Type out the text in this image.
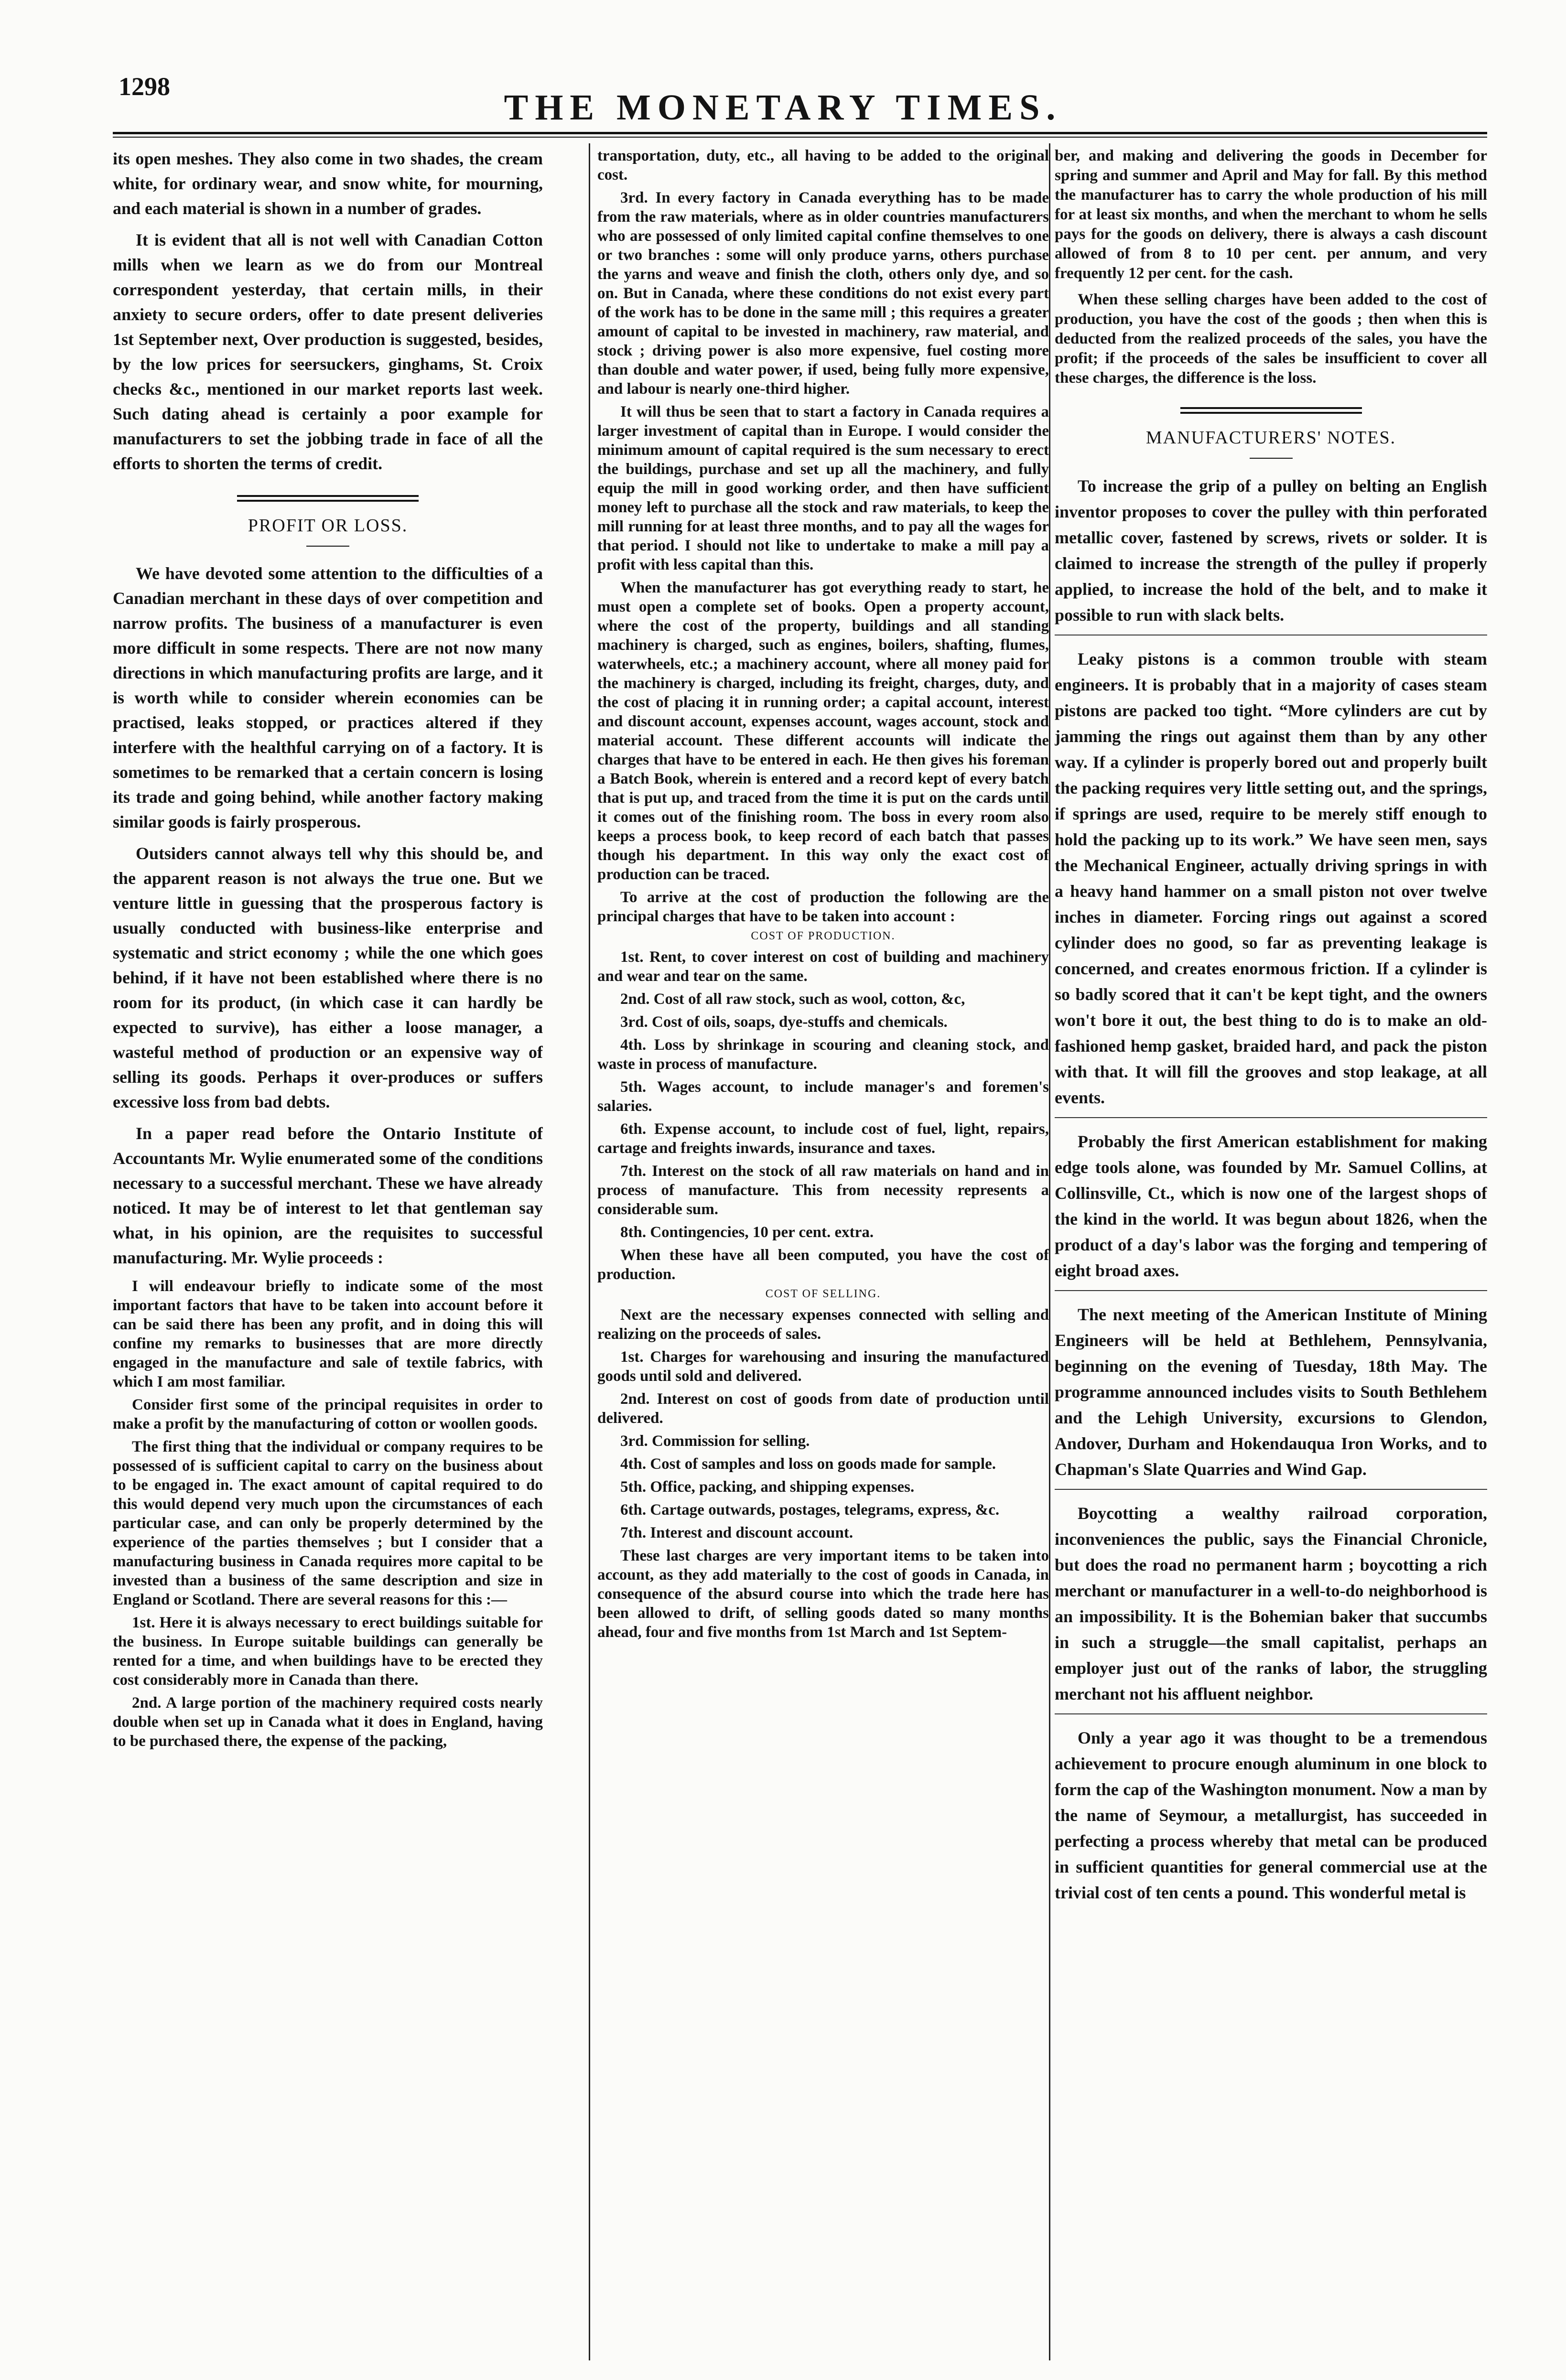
1298
THE MONETARY TIMES.

its open meshes. They also come in two shades, the cream white, for ordinary wear, and snow white, for mourning, and each material is shown in a number of grades.

It is evident that all is not well with Canadian Cotton mills when we learn as we do from our Montreal correspondent yesterday, that certain mills, in their anxiety to secure orders, offer to date present deliveries 1st September next, Over production is suggested, besides, by the low prices for seersuckers, ginghams, St. Croix checks &c., mentioned in our market reports last week. Such dating ahead is certainly a poor example for manufacturers to set the jobbing trade in face of all the efforts to shorten the terms of credit.

PROFIT OR LOSS.

We have devoted some attention to the difficulties of a Canadian merchant in these days of over competition and narrow profits. The business of a manufacturer is even more difficult in some respects. There are not now many directions in which manufacturing profits are large, and it is worth while to consider wherein economies can be practised, leaks stopped, or practices altered if they interfere with the healthful carrying on of a factory. It is sometimes to be remarked that a certain concern is losing its trade and going behind, while another factory making similar goods is fairly prosperous.

Outsiders cannot always tell why this should be, and the apparent reason is not always the true one. But we venture little in guessing that the prosperous factory is usually conducted with business-like enterprise and systematic and strict economy ; while the one which goes behind, if it have not been established where there is no room for its product, (in which case it can hardly be expected to survive), has either a loose manager, a wasteful method of production or an expensive way of selling its goods. Perhaps it over-produces or suffers excessive loss from bad debts.

In a paper read before the Ontario Institute of Accountants Mr. Wylie enumerated some of the conditions necessary to a successful merchant. These we have already noticed. It may be of interest to let that gentleman say what, in his opinion, are the requisites to successful manufacturing. Mr. Wylie proceeds :

I will endeavour briefly to indicate some of the most important factors that have to be taken into account before it can be said there has been any profit, and in doing this will confine my remarks to businesses that are more directly engaged in the manufacture and sale of textile fabrics, with which I am most familiar.

Consider first some of the principal requisites in order to make a profit by the manufacturing of cotton or woollen goods.

The first thing that the individual or company requires to be possessed of is sufficient capital to carry on the business about to be engaged in. The exact amount of capital required to do this would depend very much upon the circumstances of each particular case, and can only be properly determined by the experience of the parties themselves ; but I consider that a manufacturing business in Canada requires more capital to be invested than a business of the same description and size in England or Scotland. There are several reasons for this :—

1st. Here it is always necessary to erect buildings suitable for the business. In Europe suitable buildings can generally be rented for a time, and when buildings have to be erected they cost considerably more in Canada than there.

2nd. A large portion of the machinery required costs nearly double when set up in Canada what it does in England, having to be purchased there, the expense of the packing,

transportation, duty, etc., all having to be added to the original cost.

3rd. In every factory in Canada everything has to be made from the raw materials, where as in older countries manufacturers who are possessed of only limited capital confine themselves to one or two branches : some will only produce yarns, others purchase the yarns and weave and finish the cloth, others only dye, and so on. But in Canada, where these conditions do not exist every part of the work has to be done in the same mill ; this requires a greater amount of capital to be invested in machinery, raw material, and stock ; driving power is also more expensive, fuel costing more than double and water power, if used, being fully more expensive, and labour is nearly one-third higher.

It will thus be seen that to start a factory in Canada requires a larger investment of capital than in Europe. I would consider the minimum amount of capital required is the sum necessary to erect the buildings, purchase and set up all the machinery, and fully equip the mill in good working order, and then have sufficient money left to purchase all the stock and raw materials, to keep the mill running for at least three months, and to pay all the wages for that period. I should not like to undertake to make a mill pay a profit with less capital than this.

When the manufacturer has got everything ready to start, he must open a complete set of books. Open a property account, where the cost of the property, buildings and all standing machinery is charged, such as engines, boilers, shafting, flumes, waterwheels, etc.; a machinery account, where all money paid for the machinery is charged, including its freight, charges, duty, and the cost of placing it in running order; a capital account, interest and discount account, expenses account, wages account, stock and material account. These different accounts will indicate the charges that have to be entered in each. He then gives his foreman a Batch Book, wherein is entered and a record kept of every batch that is put up, and traced from the time it is put on the cards until it comes out of the finishing room. The boss in every room also keeps a process book, to keep record of each batch that passes though his department. In this way only the exact cost of production can be traced.

To arrive at the cost of production the following are the principal charges that have to be taken into account :

COST OF PRODUCTION.

1st. Rent, to cover interest on cost of building and machinery and wear and tear on the same.

2nd. Cost of all raw stock, such as wool, cotton, &c,

3rd. Cost of oils, soaps, dye-stuffs and chemicals.

4th. Loss by shrinkage in scouring and cleaning stock, and waste in process of manufacture.

5th. Wages account, to include manager's and foremen's salaries.

6th. Expense account, to include cost of fuel, light, repairs, cartage and freights inwards, insurance and taxes.

7th. Interest on the stock of all raw materials on hand and in process of manufacture. This from necessity represents a considerable sum.

8th. Contingencies, 10 per cent. extra.

When these have all been computed, you have the cost of production.

COST OF SELLING.

Next are the necessary expenses connected with selling and realizing on the proceeds of sales.

1st. Charges for warehousing and insuring the manufactured goods until sold and delivered.

2nd. Interest on cost of goods from date of production until delivered.

3rd. Commission for selling.

4th. Cost of samples and loss on goods made for sample.

5th. Office, packing, and shipping expenses.

6th. Cartage outwards, postages, telegrams, express, &c.

7th. Interest and discount account.

These last charges are very important items to be taken into account, as they add materially to the cost of goods in Canada, in consequence of the absurd course into which the trade here has been allowed to drift, of selling goods dated so many months ahead, four and five months from 1st March and 1st Septem-

ber, and making and delivering the goods in December for spring and summer and April and May for fall. By this method the manufacturer has to carry the whole production of his mill for at least six months, and when the merchant to whom he sells pays for the goods on delivery, there is always a cash discount allowed of from 8 to 10 per cent. per annum, and very frequently 12 per cent. for the cash.

When these selling charges have been added to the cost of production, you have the cost of the goods ; then when this is deducted from the realized proceeds of the sales, you have the profit; if the proceeds of the sales be insufficient to cover all these charges, the difference is the loss.

MANUFACTURERS' NOTES.

To increase the grip of a pulley on belting an English inventor proposes to cover the pulley with thin perforated metallic cover, fastened by screws, rivets or solder. It is claimed to increase the strength of the pulley if properly applied, to increase the hold of the belt, and to make it possible to run with slack belts.

Leaky pistons is a common trouble with steam engineers. It is probably that in a majority of cases steam pistons are packed too tight. “More cylinders are cut by jamming the rings out against them than by any other way. If a cylinder is properly bored out and properly built the packing requires very little setting out, and the springs, if springs are used, require to be merely stiff enough to hold the packing up to its work.” We have seen men, says the Mechanical Engineer, actually driving springs in with a heavy hand hammer on a small piston not over twelve inches in diameter. Forcing rings out against a scored cylinder does no good, so far as preventing leakage is concerned, and creates enormous friction. If a cylinder is so badly scored that it can't be kept tight, and the owners won't bore it out, the best thing to do is to make an old-fashioned hemp gasket, braided hard, and pack the piston with that. It will fill the grooves and stop leakage, at all events.

Probably the first American establishment for making edge tools alone, was founded by Mr. Samuel Collins, at Collinsville, Ct., which is now one of the largest shops of the kind in the world. It was begun about 1826, when the product of a day's labor was the forging and tempering of eight broad axes.

The next meeting of the American Institute of Mining Engineers will be held at Bethlehem, Pennsylvania, beginning on the evening of Tuesday, 18th May. The programme announced includes visits to South Bethlehem and the Lehigh University, excursions to Glendon, Andover, Durham and Hokendauqua Iron Works, and to Chapman's Slate Quarries and Wind Gap.

Boycotting a wealthy railroad corporation, inconveniences the public, says the Financial Chronicle, but does the road no permanent harm ; boycotting a rich merchant or manufacturer in a well-to-do neighborhood is an impossibility. It is the Bohemian baker that succumbs in such a struggle—the small capitalist, perhaps an employer just out of the ranks of labor, the struggling merchant not his affluent neighbor.

Only a year ago it was thought to be a tremendous achievement to procure enough aluminum in one block to form the cap of the Washington monument. Now a man by the name of Seymour, a metallurgist, has succeeded in perfecting a process whereby that metal can be produced in sufficient quantities for general commercial use at the trivial cost of ten cents a pound. This wonderful metal is
